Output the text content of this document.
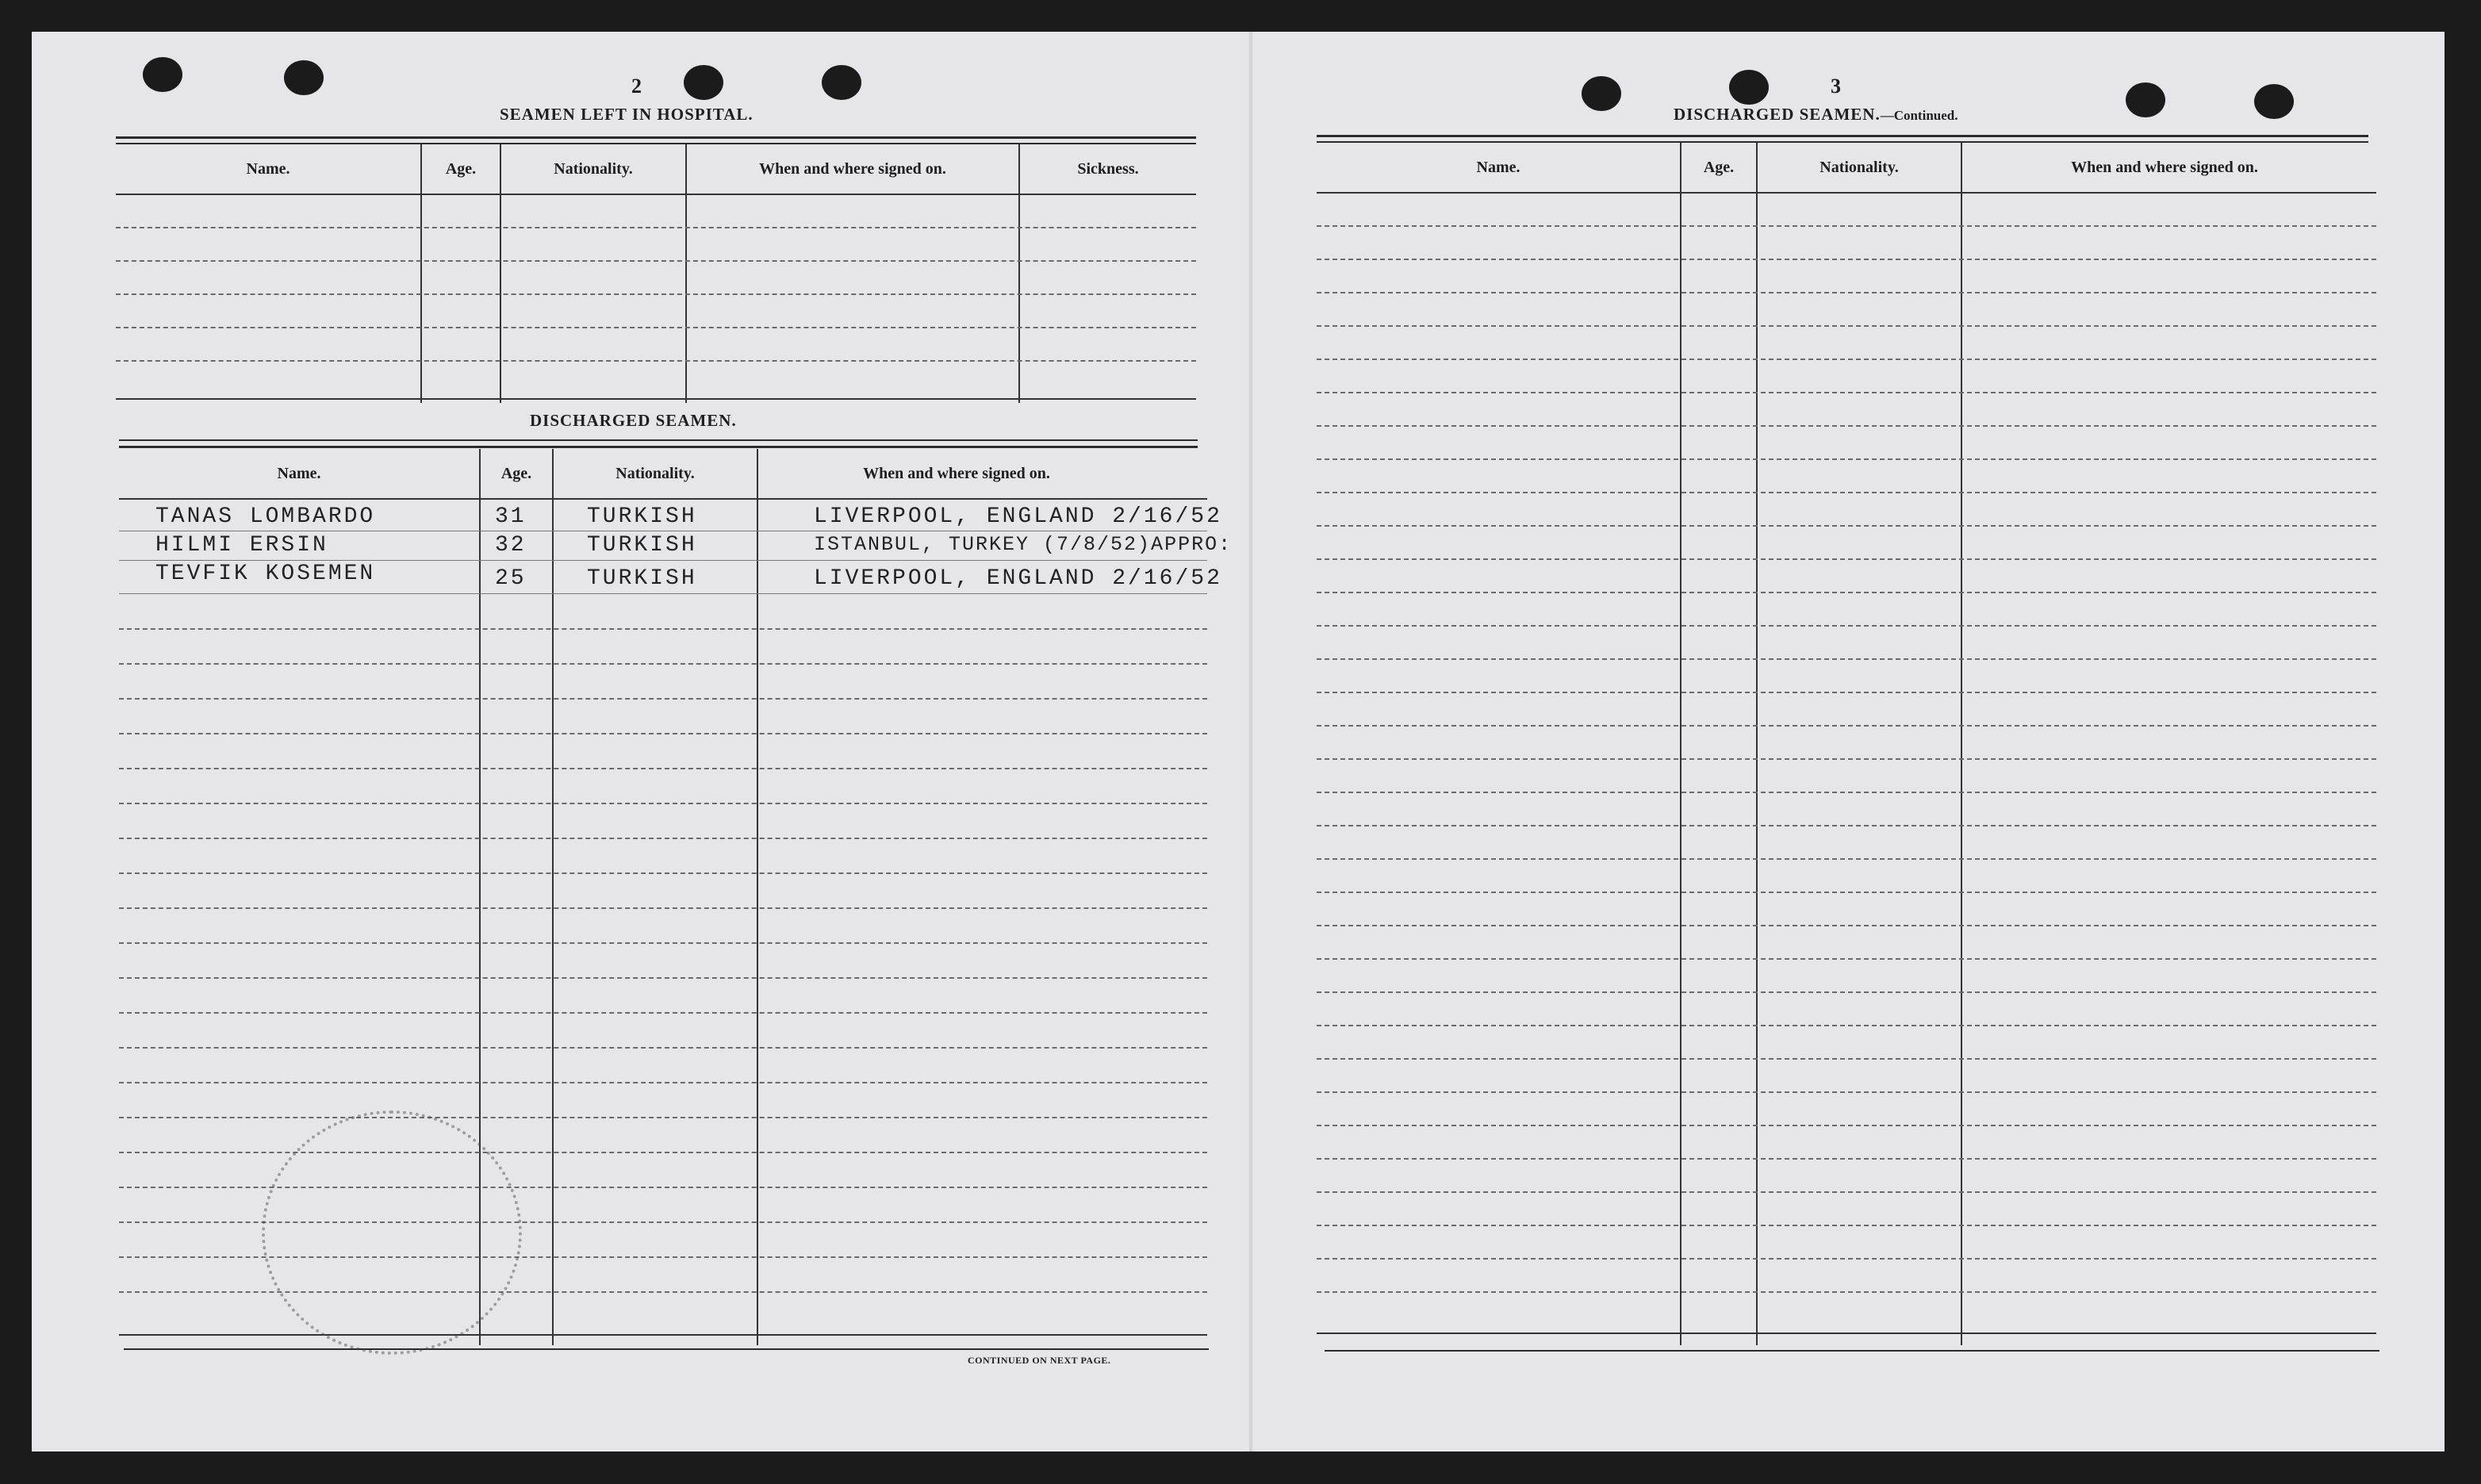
2
SEAMEN LEFT IN HOSPITAL.
Name.	Age.	Nationality.	When and where signed on.	Sickness.
DISCHARGED SEAMEN.
Name.	Age.	Nationality.	When and where signed on.
TANAS LOMBARDO	31	TURKISH	LIVERPOOL, ENGLAND 2/16/52
HILMI ERSIN	32	TURKISH	ISTANBUL, TURKEY (7/8/52)APPRO:
TEVFIK KOSEMEN	25	TURKISH	LIVERPOOL, ENGLAND 2/16/52
CONTINUED ON NEXT PAGE.
3
DISCHARGED SEAMEN.—Continued.
Name.	Age.	Nationality.	When and where signed on.
